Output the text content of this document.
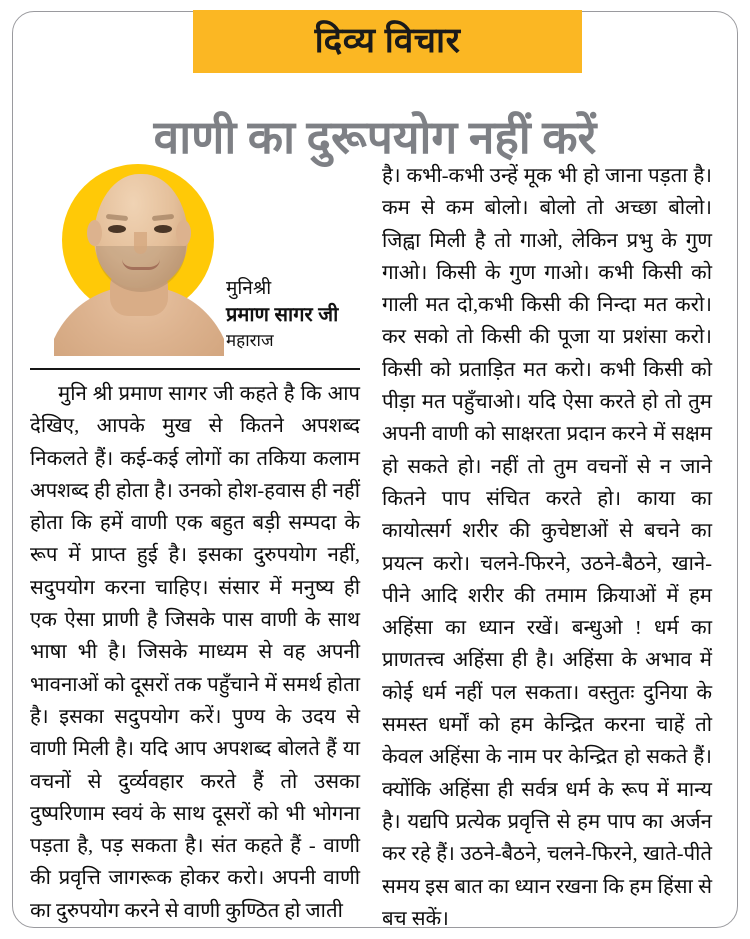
दिव्य विचार
वाणी का दुरूपयोग नहीं करें
मुनिश्री
प्रमाण सागर जी
महाराज
मुनि श्री प्रमाण सागर जी कहते है कि आप देखिए, आपके मुख से कितने अपशब्द निकलते हैं। कई-कई लोगों का तकिया कलाम अपशब्द ही होता है। उनको होश-हवास ही नहीं होता कि हमें वाणी एक बहुत बड़ी सम्पदा के रूप में प्राप्त हुई है। इसका दुरुपयोग नहीं, सदुपयोग करना चाहिए। संसार में मनुष्य ही एक ऐसा प्राणी है जिसके पास वाणी के साथ भाषा भी है। जिसके माध्यम से वह अपनी भावनाओं को दूसरों तक पहुँचाने में समर्थ होता है। इसका सदुपयोग करें। पुण्य के उदय से वाणी मिली है। यदि आप अपशब्द बोलते हैं या वचनों से दुर्व्यवहार करते हैं तो उसका दुष्परिणाम स्वयं के साथ दूसरों को भी भोगना पड़ता है, पड़ सकता है। संत कहते हैं - वाणी की प्रवृत्ति जागरूक होकर करो। अपनी वाणी का दुरुपयोग करने से वाणी कुण्ठित हो जाती
है। कभी-कभी उन्हें मूक भी हो जाना पड़ता है। कम से कम बोलो। बोलो तो अच्छा बोलो। जिह्वा मिली है तो गाओ, लेकिन प्रभु के गुण गाओ। किसी के गुण गाओ। कभी किसी को गाली मत दो,कभी किसी की निन्दा मत करो। कर सको तो किसी की पूजा या प्रशंसा करो। किसी को प्रताड़ित मत करो। कभी किसी को पीड़ा मत पहुँचाओ। यदि ऐसा करते हो तो तुम अपनी वाणी को साक्षरता प्रदान करने में सक्षम हो सकते हो। नहीं तो तुम वचनों से न जाने कितने पाप संचित करते हो। काया का कायोत्सर्ग शरीर की कुचेष्टाओं से बचने का प्रयत्न करो। चलने-फिरने, उठने-बैठने, खाने-पीने आदि शरीर की तमाम क्रियाओं में हम अहिंसा का ध्यान रखें। बन्धुओ ! धर्म का प्राणतत्त्व अहिंसा ही है। अहिंसा के अभाव में कोई धर्म नहीं पल सकता। वस्तुतः दुनिया के समस्त धर्मों को हम केन्द्रित करना चाहें तो केवल अहिंसा के नाम पर केन्द्रित हो सकते हैं। क्योंकि अहिंसा ही सर्वत्र धर्म के रूप में मान्य है। यद्यपि प्रत्येक प्रवृत्ति से हम पाप का अर्जन कर रहे हैं। उठने-बैठने, चलने-फिरने, खाते-पीते समय इस बात का ध्यान रखना कि हम हिंसा से बच सकें।
